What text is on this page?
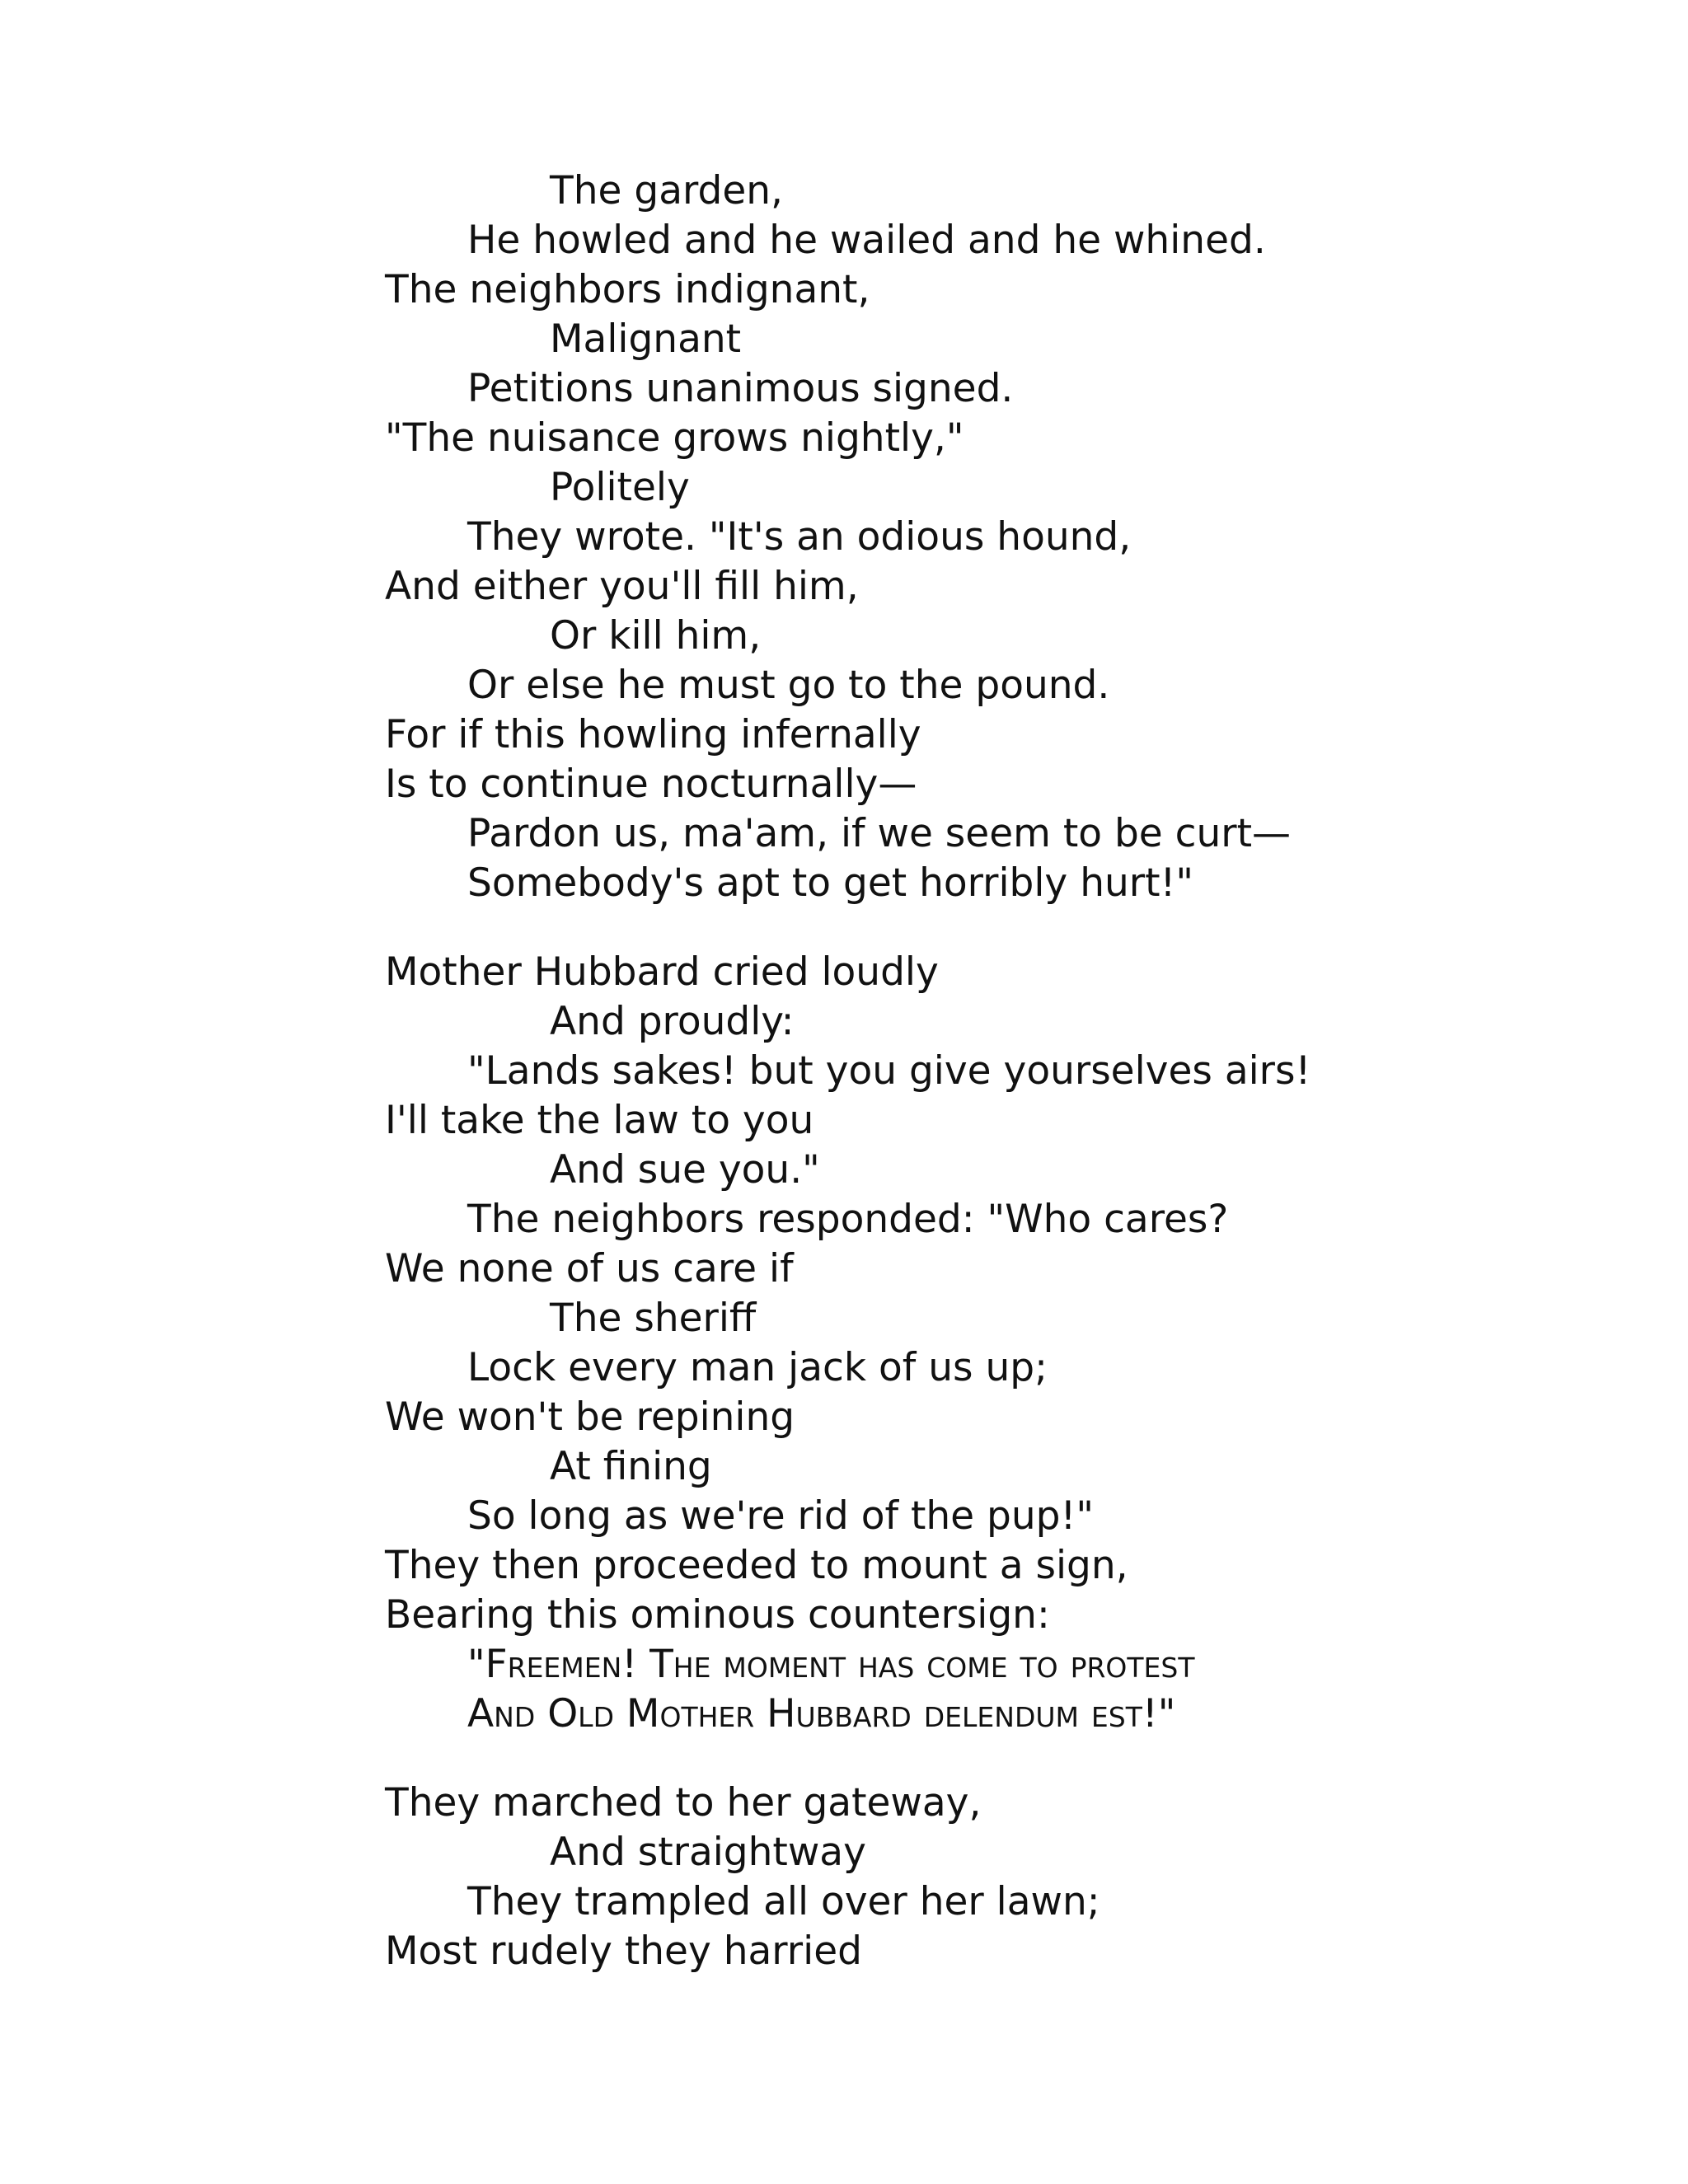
The garden,
He howled and he wailed and he whined.
The neighbors indignant,
Malignant
Petitions unanimous signed.
"The nuisance grows nightly,"
Politely
They wrote. "It's an odious hound,
And either you'll fill him,
Or kill him,
Or else he must go to the pound.
For if this howling infernally
Is to continue nocturnally—
Pardon us, ma'am, if we seem to be curt—
Somebody's apt to get horribly hurt!"
Mother Hubbard cried loudly
And proudly:
"Lands sakes! but you give yourselves airs!
I'll take the law to you
And sue you."
The neighbors responded: "Who cares?
We none of us care if
The sheriff
Lock every man jack of us up;
We won't be repining
At fining
So long as we're rid of the pup!"
They then proceeded to mount a sign,
Bearing this ominous countersign:
"Freemen! The moment has come to protest
And Old Mother Hubbard delendum est!"
They marched to her gateway,
And straightway
They trampled all over her lawn;
Most rudely they harried
